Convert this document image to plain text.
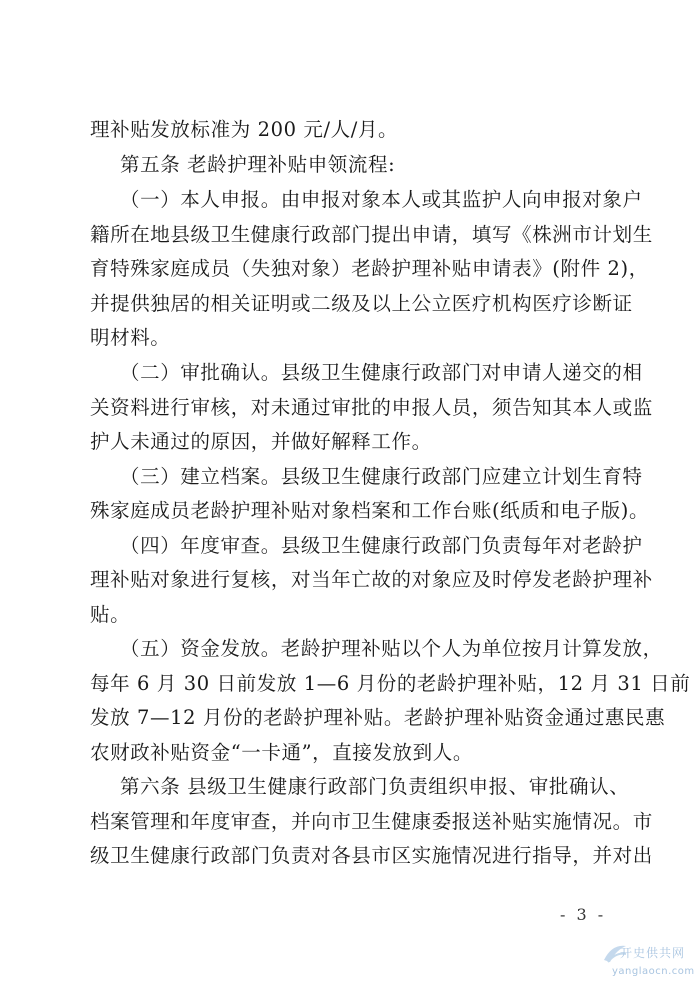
理补贴发放标准为 200 元/人/月。
第五条 老龄护理补贴申领流程:
（一）本人申报。由申报对象本人或其监护人向申报对象户
籍所在地县级卫生健康行政部门提出申请，填写《株洲市计划生
育特殊家庭成员（失独对象）老龄护理补贴申请表》(附件 2)，
并提供独居的相关证明或二级及以上公立医疗机构医疗诊断证
明材料。
（二）审批确认。县级卫生健康行政部门对申请人递交的相
关资料进行审核，对未通过审批的申报人员，须告知其本人或监
护人未通过的原因，并做好解释工作。
（三）建立档案。县级卫生健康行政部门应建立计划生育特
殊家庭成员老龄护理补贴对象档案和工作台账(纸质和电子版)。
（四）年度审查。县级卫生健康行政部门负责每年对老龄护
理补贴对象进行复核，对当年亡故的对象应及时停发老龄护理补
贴。
（五）资金发放。老龄护理补贴以个人为单位按月计算发放，
每年 6 月 30 日前发放 1—6 月份的老龄护理补贴，12 月 31 日前
发放 7—12 月份的老龄护理补贴。老龄护理补贴资金通过惠民惠
农财政补贴资金“一卡通”，直接发放到人。
第六条 县级卫生健康行政部门负责组织申报、审批确认、
档案管理和年度审查，并向市卫生健康委报送补贴实施情况。市
级卫生健康行政部门负责对各县市区实施情况进行指导，并对出
- 3 -
开史供共网
yanglaocn.com
